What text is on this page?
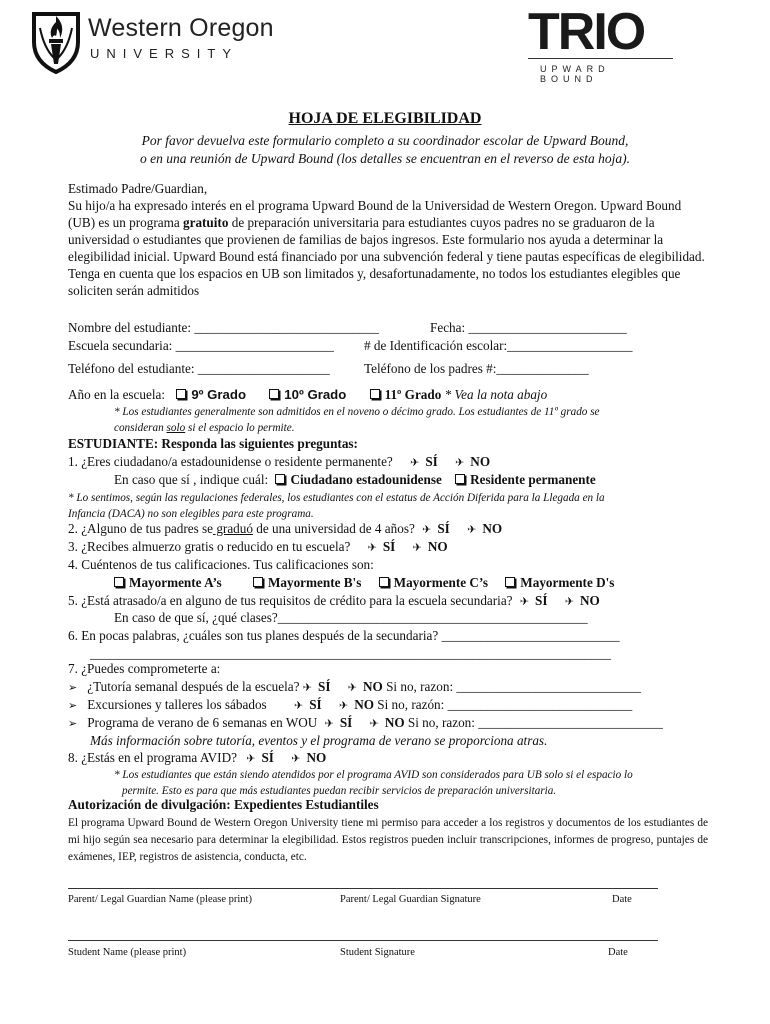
Western Oregon
UNIVERSITY	TRIO
UPWARD BOUND
HOJA DE ELEGIBILIDAD
Por favor devuelva este formulario completo a su coordinador escolar de Upward Bound,
o en una reunión de Upward Bound (los detalles se encuentran en el reverso de esta hoja).
Estimado Padre/Guardian,
Su hijo/a ha expresado interés en el programa Upward Bound de la Universidad de Western Oregon. Upward Bound (UB) es un programa gratuito de preparación universitaria para estudiantes cuyos padres no se graduaron de la universidad o estudiantes que provienen de familias de bajos ingresos. Este formulario nos ayuda a determinar la elegibilidad inicial. Upward Bound está financiado por una subvención federal y tiene pautas específicas de elegibilidad. Tenga en cuenta que los espacios en UB son limitados y, desafortunadamente, no todos los estudiantes elegibles que soliciten serán admitidos
Nombre del estudiante: ____________________________	Fecha: ________________________
Escuela secundaria: ________________________ # de Identificación escolar:___________________
Teléfono del estudiante: ____________________	Teléfono de los padres #:______________
Año en la escuela: 9º Grado	10º Grado	11º Grado * Vea la nota abajo
* Los estudiantes generalmente son admitidos en el noveno o décimo grado. Los estudiantes de 11º grado se
consideran solo si el espacio lo permite.
ESTUDIANTE: Responda las siguientes preguntas:
1. ¿Eres ciudadano/a estadounidense o residente permanente? ✈ SÍ ✈ NO
En caso que sí , indique cuál: Ciudadano estadounidense Residente permanente
* Lo sentimos, según las regulaciones federales, los estudiantes con el estatus de Acción Diferida para la Llegada en la
Infancia (DACA) no son elegibles para este programa.
2. ¿Alguno de tus padres se graduó de una universidad de 4 años? ✈ SÍ ✈ NO
3. ¿Recibes almuerzo gratis o reducido en tu escuela? ✈ SÍ ✈ NO
4. Cuéntenos de tus calificaciones. Tus calificaciones son:
Mayormente A’s	Mayormente B's Mayormente C’s Mayormente D's
5. ¿Está atrasado/a en alguno de tus requisitos de crédito para la escuela secundaria? ✈ SÍ ✈ NO
En caso de que sí, ¿qué clases?_______________________________________________
6. En pocas palabras, ¿cuáles son tus planes después de la secundaria? ___________________________
_______________________________________________________________________________
7. ¿Puedes comprometerte a:
➢ ¿Tutoría semanal después de la escuela? ✈ SÍ ✈ NO Si no, razon: ____________________________
➢ Excursiones y talleres los sábados ✈ SÍ ✈ NO Si no, razón: ____________________________
➢ Programa de verano de 6 semanas en WOU ✈ SÍ ✈ NO Si no, razon: ____________________________
Más información sobre tutoría, eventos y el programa de verano se proporciona atras.
8. ¿Estás en el programa AVID? ✈ SÍ ✈ NO
* Los estudiantes que están siendo atendidos por el programa AVID son considerados para UB solo si el espacio lo
permite. Esto es para que más estudiantes puedan recibir servicios de preparación universitaria.
Autorización de divulgación: Expedientes Estudiantiles
El programa Upward Bound de Western Oregon University tiene mi permiso para acceder a los registros y documentos de los estudiantes de mi hijo según sea necesario para determinar la elegibilidad. Estos registros pueden incluir transcripciones, informes de progreso, puntajes de exámenes, IEP, registros de asistencia, conducta, etc.
Parent/ Legal Guardian Name (please print)	Parent/ Legal Guardian Signature	Date
Student Name (please print)	Student Signature	Date
